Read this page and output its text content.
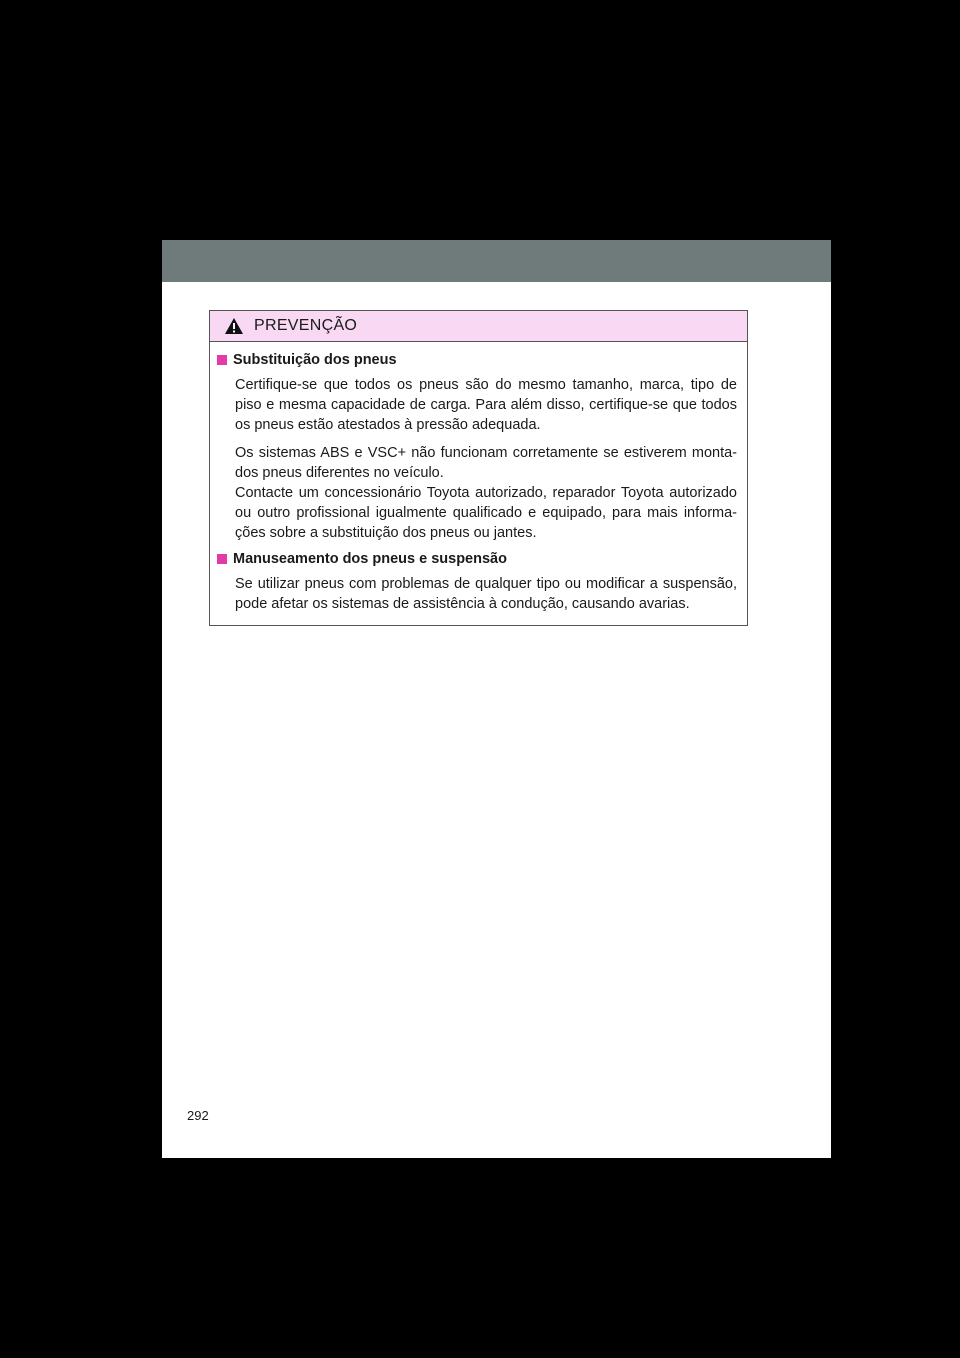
PREVENÇÃO
Substituição dos pneus

Certifique-se que todos os pneus são do mesmo tamanho, marca, tipo de piso e mesma capacidade de carga. Para além disso, certifique-se que todos os pneus estão atestados à pressão adequada.

Os sistemas ABS e VSC+ não funcionam corretamente se estiverem monta-dos pneus diferentes no veículo.

Contacte um concessionário Toyota autorizado, reparador Toyota autorizado ou outro profissional igualmente qualificado e equipado, para mais informa-ções sobre a substituição dos pneus ou jantes.

Manuseamento dos pneus e suspensão

Se utilizar pneus com problemas de qualquer tipo ou modificar a suspensão, pode afetar os sistemas de assistência à condução, causando avarias.

292
